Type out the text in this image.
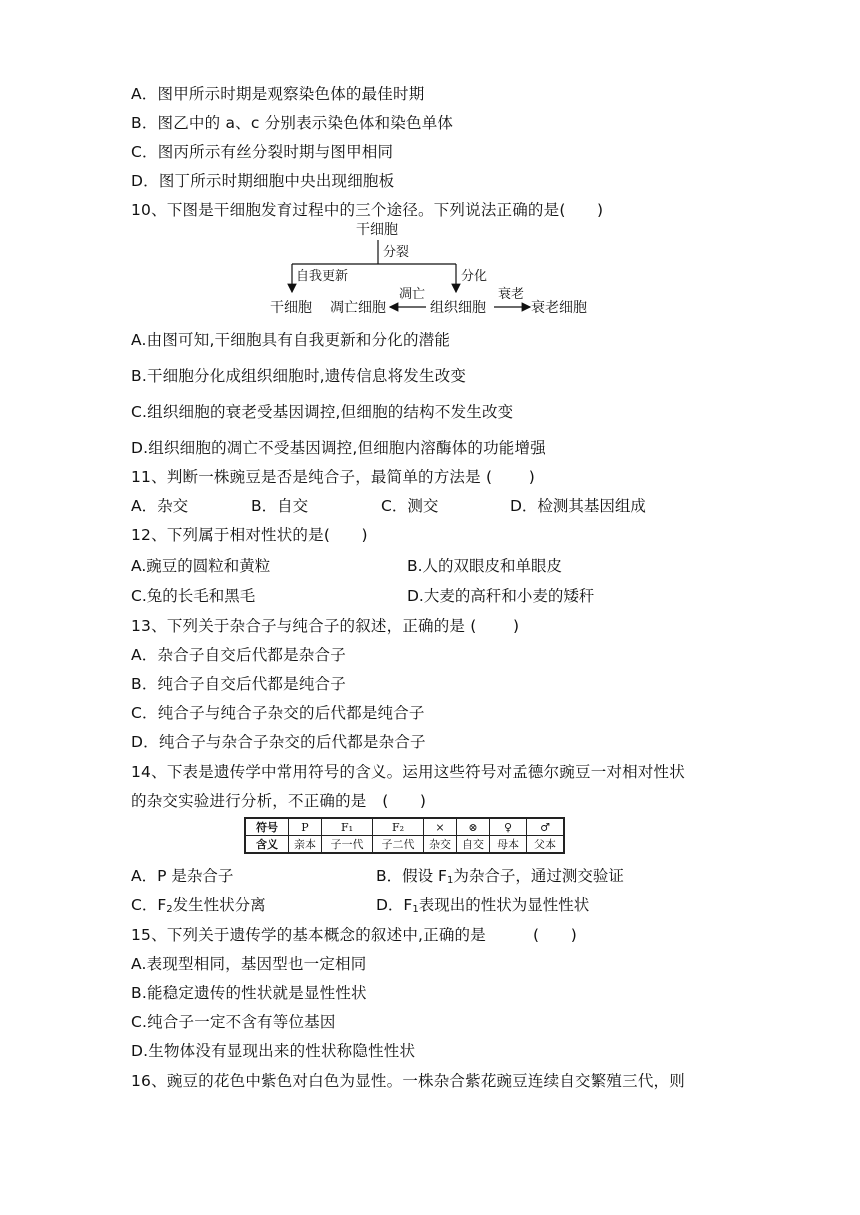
A．图甲所示时期是观察染色体的最佳时期
B．图乙中的 a、c 分别表示染色体和染色单体
C．图丙所示有丝分裂时期与图甲相同
D．图丁所示时期细胞中央出现细胞板
10、下图是干细胞发育过程中的三个途径。下列说法正确的是(　　)
干细胞
分裂
自我更新	分化
干细胞 凋亡细胞
凋亡
组织细胞
衰老
衰老细胞
A.由图可知,干细胞具有自我更新和分化的潜能
B.干细胞分化成组织细胞时,遗传信息将发生改变
C.组织细胞的衰老受基因调控,但细胞的结构不发生改变
D.组织细胞的凋亡不受基因调控,但细胞内溶酶体的功能增强
11、判断一株豌豆是否是纯合子，最简单的方法是 (　　 )
A．杂交	B．自交	C．测交	D．检测其基因组成
12、下列属于相对性状的是(　　)
A.豌豆的圆粒和黄粒	B.人的双眼皮和单眼皮
C.兔的长毛和黑毛	D.大麦的高秆和小麦的矮秆
13、下列关于杂合子与纯合子的叙述，正确的是 (　　 )
A．杂合子自交后代都是杂合子
B．纯合子自交后代都是纯合子
C．纯合子与纯合子杂交的后代都是纯合子
D．纯合子与杂合子杂交的后代都是杂合子
14、下表是遗传学中常用符号的含义。运用这些符号对孟德尔豌豆一对相对性状
的杂交实验进行分析，不正确的是　(　　)
符号	P	F₁	F₂	×	⊗	♀	♂
含义	亲本	子一代	子二代	杂交	自交	母本	父本
A．P 是杂合子	B．假设 $F_1$为杂合子，通过测交验证
C．$F_2$发生性状分离	D．$F_1$表现出的性状为显性性状
15、下列关于遗传学的基本概念的叙述中,正确的是　　　(　　)
A.表现型相同，基因型也一定相同
B.能稳定遗传的性状就是显性性状
C.纯合子一定不含有等位基因
D.生物体没有显现出来的性状称隐性性状
16、豌豆的花色中紫色对白色为显性。一株杂合紫花豌豆连续自交繁殖三代，则
